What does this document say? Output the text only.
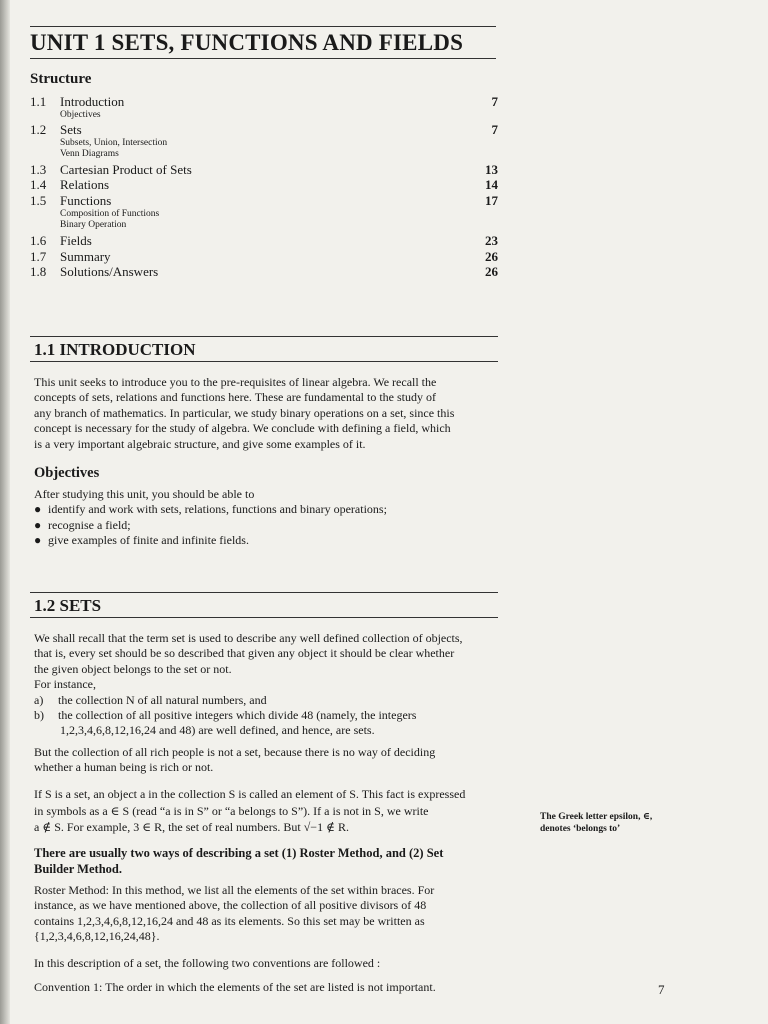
UNIT 1 SETS, FUNCTIONS AND FIELDS
Structure
1.1 Introduction	7
Objectives
1.2 Sets	7
Subsets, Union, Intersection
Venn Diagrams
1.3 Cartesian Product of Sets	13
1.4 Relations	14
1.5 Functions	17
Composition of Functions
Binary Operation
1.6 Fields	23
1.7 Summary	26
1.8 Solutions/Answers	26
1.1 INTRODUCTION
This unit seeks to introduce you to the pre-requisites of linear algebra. We recall the
concepts of sets, relations and functions here. These are fundamental to the study of
any branch of mathematics. In particular, we study binary operations on a set, since this
concept is necessary for the study of algebra. We conclude with defining a field, which
is a very important algebraic structure, and give some examples of it.
Objectives
After studying this unit, you should be able to
● identify and work with sets, relations, functions and binary operations;
● recognise a field;
● give examples of finite and infinite fields.
1.2 SETS
We shall recall that the term set is used to describe any well defined collection of objects,
that is, every set should be so described that given any object it should be clear whether
the given object belongs to the set or not.
For instance,
a) the collection N of all natural numbers, and
b) the collection of all positive integers which divide 48 (namely, the integers
1,2,3,4,6,8,12,16,24 and 48) are well defined, and hence, are sets.
But the collection of all rich people is not a set, because there is no way of deciding
whether a human being is rich or not.
If S is a set, an object a in the collection S is called an element of S. This fact is expressed
in symbols as a ∈ S (read “a is in S” or “a belongs to S”). If a is not in S, we write
a ∉ S. For example, 3 ∈ R, the set of real numbers. But √−1 ∉ R.
The Greek letter epsilon, ∈,
denotes ‘belongs to’
There are usually two ways of describing a set (1) Roster Method, and (2) Set
Builder Method.
Roster Method: In this method, we list all the elements of the set within braces. For
instance, as we have mentioned above, the collection of all positive divisors of 48
contains 1,2,3,4,6,8,12,16,24 and 48 as its elements. So this set may be written as
{1,2,3,4,6,8,12,16,24,48}.
In this description of a set, the following two conventions are followed :
Convention 1: The order in which the elements of the set are listed is not important.	7
